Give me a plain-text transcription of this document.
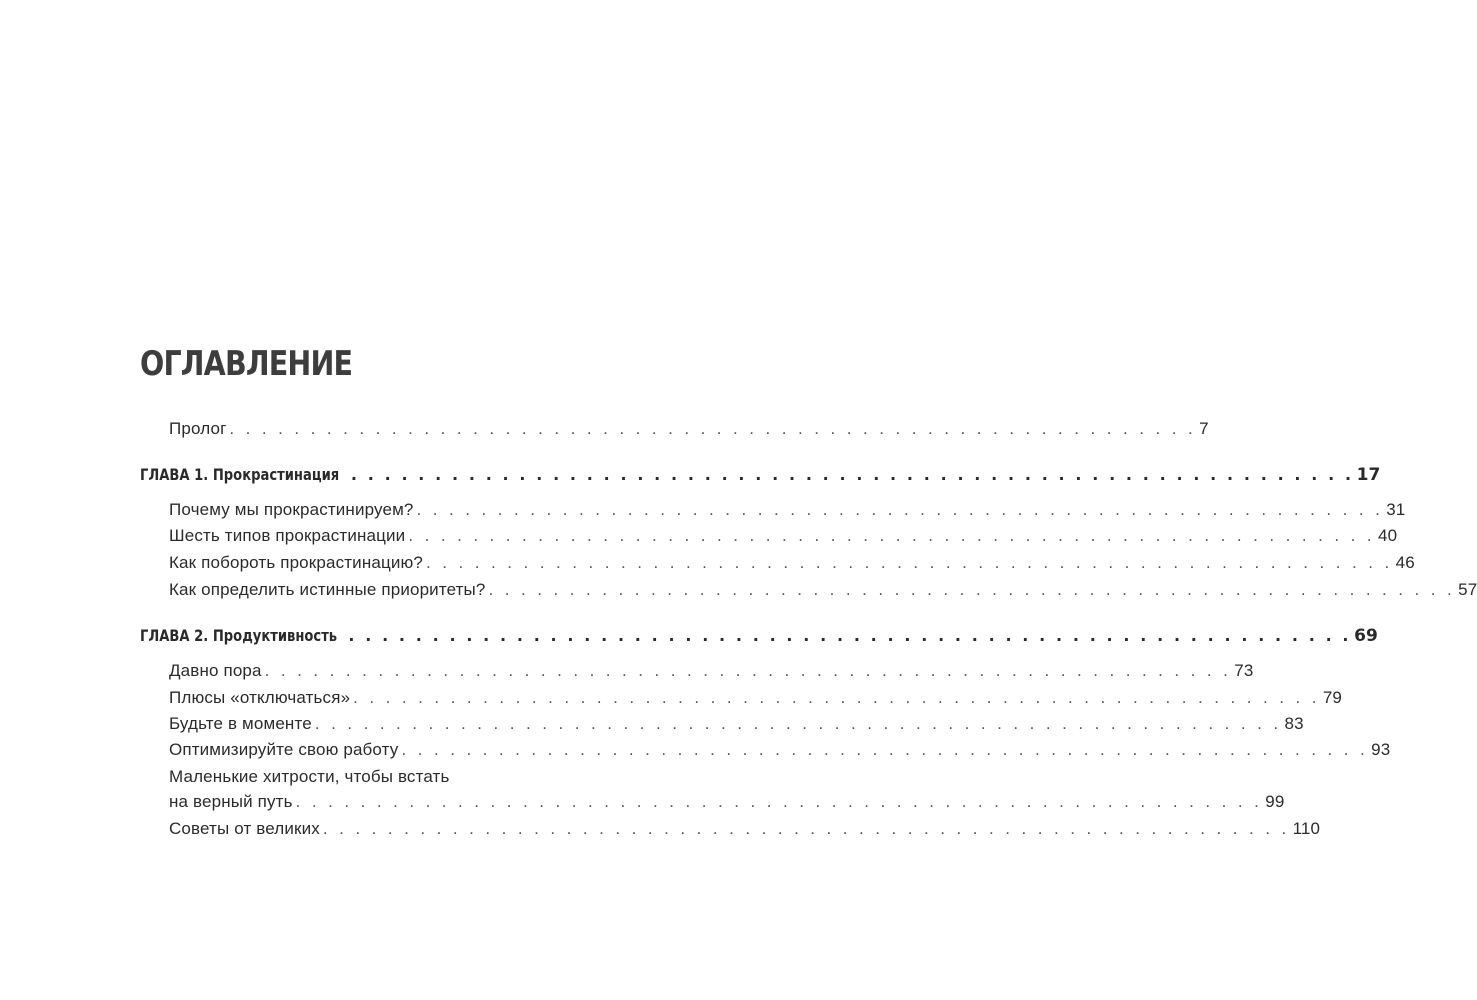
ОГЛАВЛЕНИЕ
Пролог . . . . . . . . . . . . . . . . . . . . . . . . . . . . . . . . . . . . . . . . . . . . . . . . . . . . . . . . . . . . 7
ГЛАВА 1. Прокрастинация . . . . . . . . . . . . . . . . . . . . . . . . . . . . . . . . . . . . . . . . . . . . . . . . . . . . . . . . . . . . 17
Почему мы прокрастинируем? . . . . . . . . . . . . . . . . . . . . . . . . . . . . . . . . . . . . . . . . . . . . . . . . . . . . . . . . . . . . 31
Шесть типов прокрастинации . . . . . . . . . . . . . . . . . . . . . . . . . . . . . . . . . . . . . . . . . . . . . . . . . . . . . . . . . . . . 40
Как побороть прокрастинацию? . . . . . . . . . . . . . . . . . . . . . . . . . . . . . . . . . . . . . . . . . . . . . . . . . . . . . . . . . . . . 46
Как определить истинные приоритеты? . . . . . . . . . . . . . . . . . . . . . . . . . . . . . . . . . . . . . . . . . . . . . . . . . . . . . . . . . . . . 57
ГЛАВА 2. Продуктивность . . . . . . . . . . . . . . . . . . . . . . . . . . . . . . . . . . . . . . . . . . . . . . . . . . . . . . . . . . . . 69
Давно пора . . . . . . . . . . . . . . . . . . . . . . . . . . . . . . . . . . . . . . . . . . . . . . . . . . . . . . . . . . . . 73
Плюсы «отключаться» . . . . . . . . . . . . . . . . . . . . . . . . . . . . . . . . . . . . . . . . . . . . . . . . . . . . . . . . . . . . 79
Будьте в моменте . . . . . . . . . . . . . . . . . . . . . . . . . . . . . . . . . . . . . . . . . . . . . . . . . . . . . . . . . . . . 83
Оптимизируйте свою работу . . . . . . . . . . . . . . . . . . . . . . . . . . . . . . . . . . . . . . . . . . . . . . . . . . . . . . . . . . . . 93
Маленькие хитрости, чтобы встать
на верный путь . . . . . . . . . . . . . . . . . . . . . . . . . . . . . . . . . . . . . . . . . . . . . . . . . . . . . . . . . . . . 99
Советы от великих . . . . . . . . . . . . . . . . . . . . . . . . . . . . . . . . . . . . . . . . . . . . . . . . . . . . . . . . . . . . 110
